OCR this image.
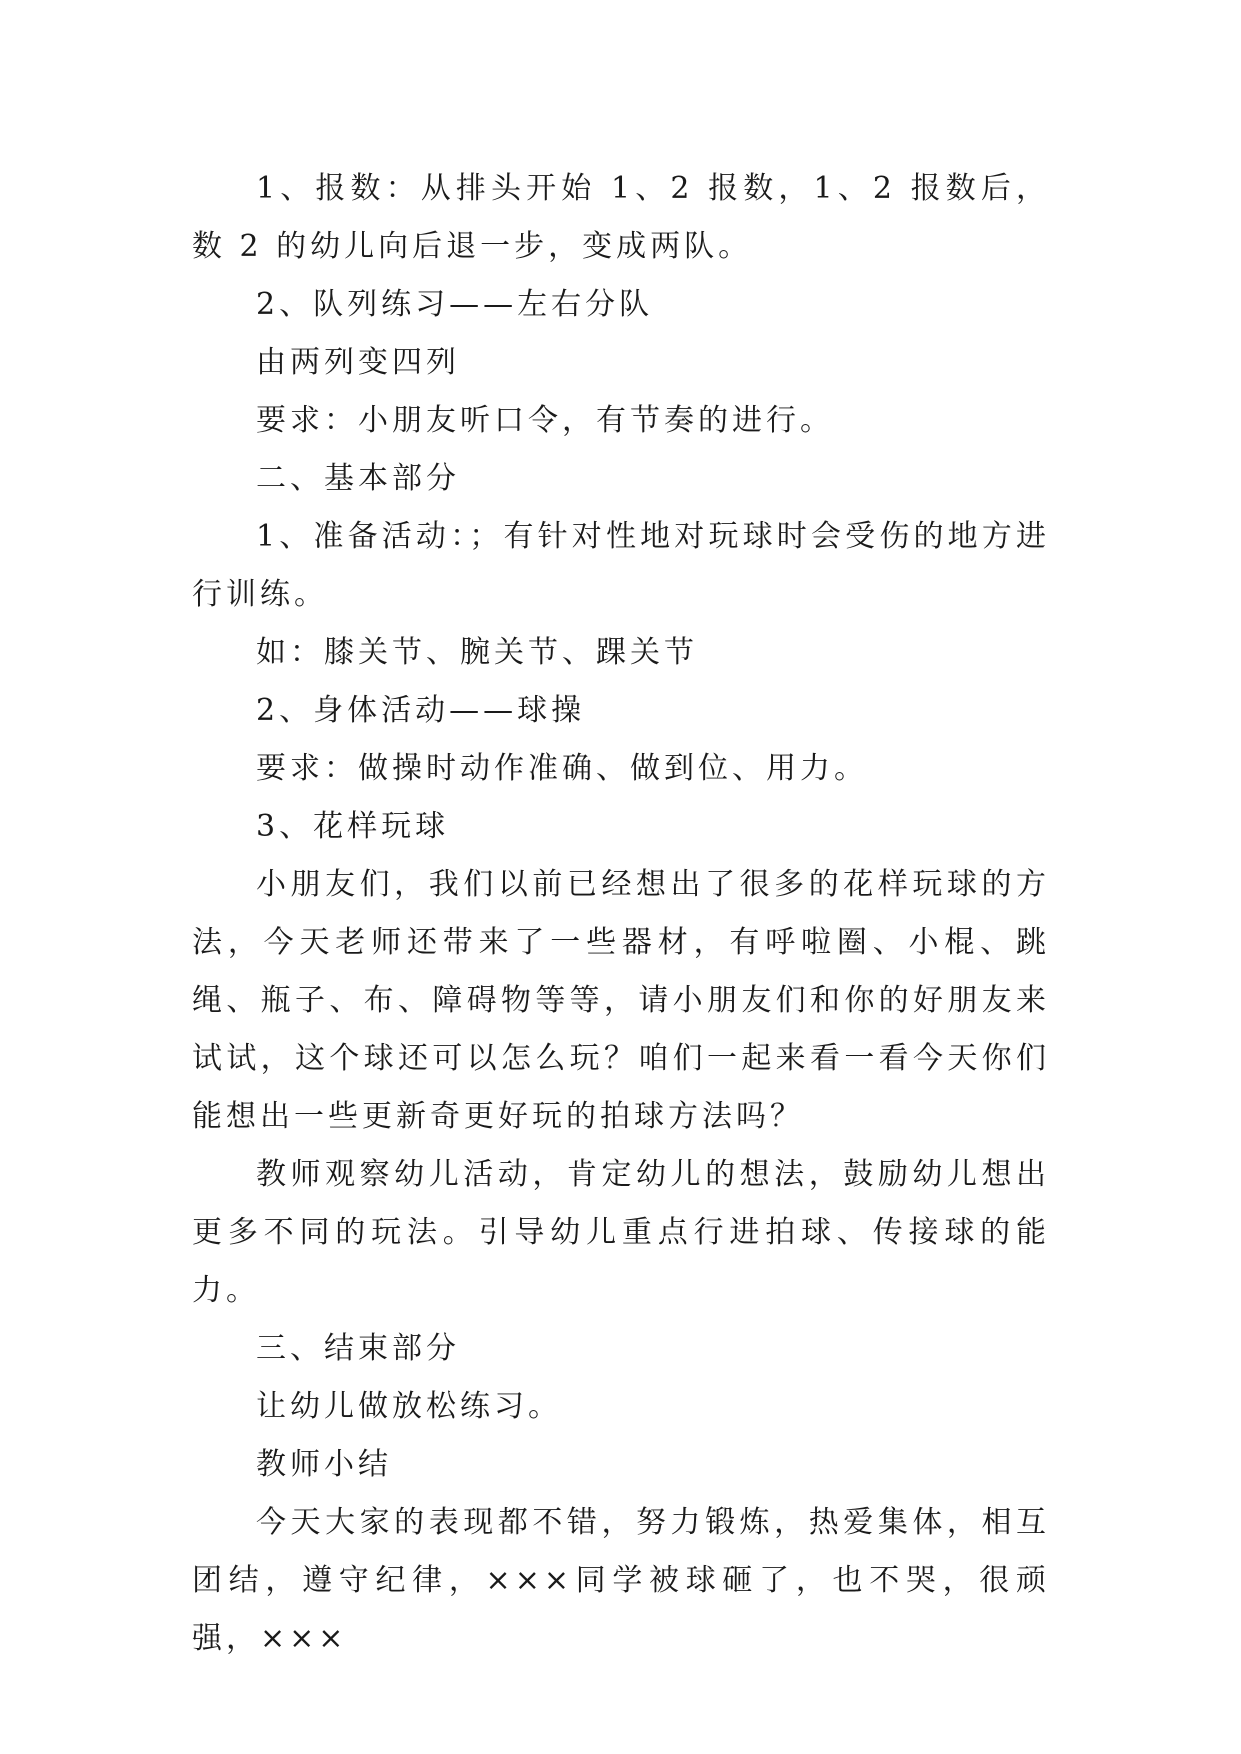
1、报数：从排头开始 1、2 报数，1、2 报数后，数 2 的幼儿向后退一步，变成两队。

2、队列练习——左右分队

由两列变四列

要求：小朋友听口令，有节奏的进行。

二、基本部分

1、准备活动：；有针对性地对玩球时会受伤的地方进行训练。

如：膝关节、腕关节、踝关节

2、身体活动——球操

要求：做操时动作准确、做到位、用力。

3、花样玩球

小朋友们，我们以前已经想出了很多的花样玩球的方法，今天老师还带来了一些器材，有呼啦圈、小棍、跳绳、瓶子、布、障碍物等等，请小朋友们和你的好朋友来试试，这个球还可以怎么玩？咱们一起来看一看今天你们能想出一些更新奇更好玩的拍球方法吗？

教师观察幼儿活动，肯定幼儿的想法，鼓励幼儿想出更多不同的玩法。引导幼儿重点行进拍球、传接球的能力。

三、结束部分

让幼儿做放松练习。

教师小结

今天大家的表现都不错，努力锻炼，热爱集体，相互团结，遵守纪律，×××同学被球砸了，也不哭，很顽强，×××
